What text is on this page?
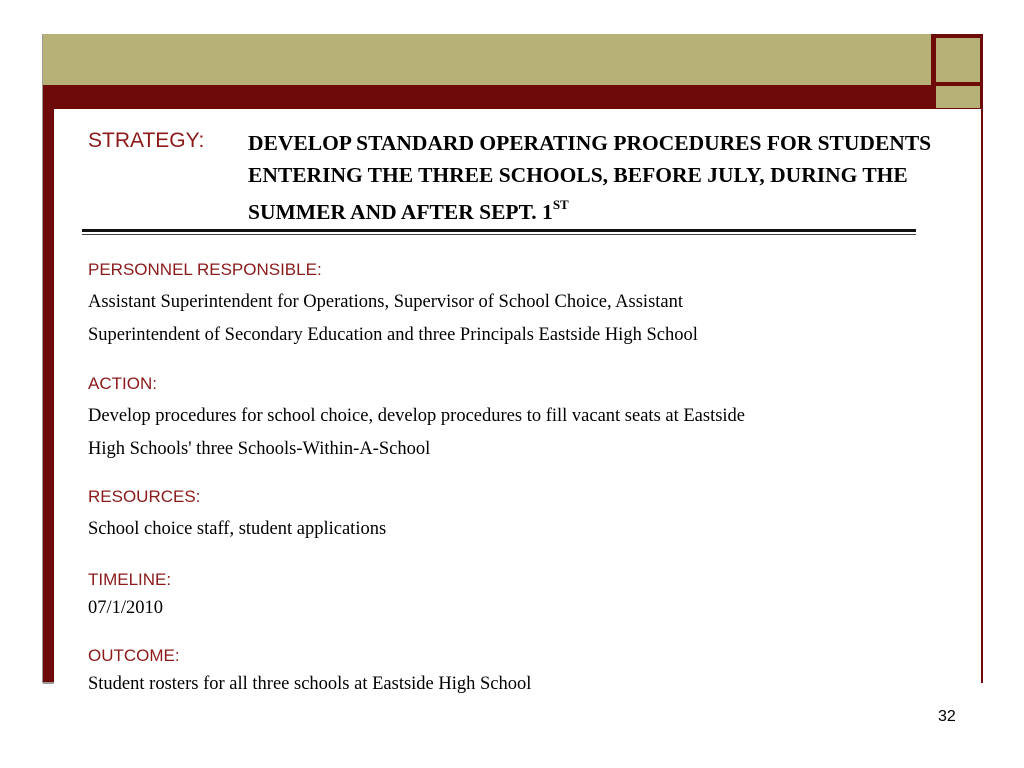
STRATEGY: DEVELOP STANDARD OPERATING PROCEDURES FOR STUDENTS ENTERING THE THREE SCHOOLS, BEFORE JULY, DURING THE SUMMER AND AFTER SEPT. 1ST
PERSONNEL RESPONSIBLE:
Assistant Superintendent for Operations, Supervisor of School Choice, Assistant
Superintendent of Secondary Education and three Principals Eastside High School
ACTION:
Develop procedures for school choice, develop procedures to fill vacant seats at Eastside
High Schools' three Schools-Within-A-School
RESOURCES:
School choice staff, student applications
TIMELINE:
07/1/2010
OUTCOME:
Student rosters for all three schools at Eastside High School
32
